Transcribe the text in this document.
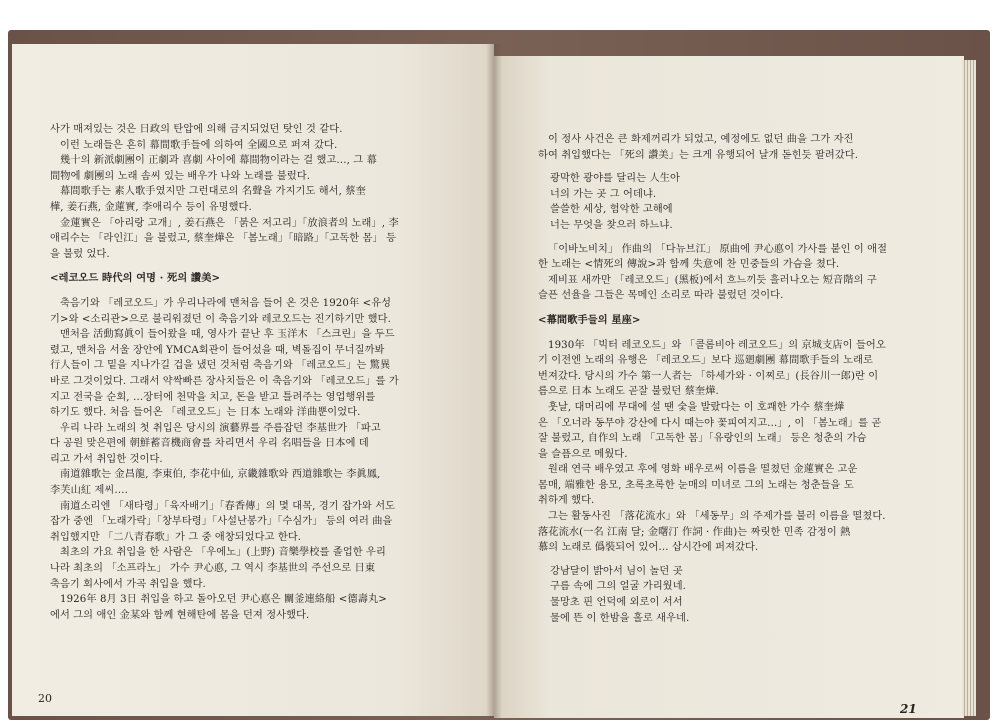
사가 매져있는 것은 日政의 탄압에 의해 금지되었던 탓인 것 같다.
이런 노래들은 흔히 幕間歌手들에 의하여 全國으로 퍼져 갔다.
幾十의 新派劇團이 正劇과 喜劇 사이에 幕間物이라는 걸 했고…, 그 幕
間物에 劇團의 노래 솜씨 있는 배우가 나와 노래를 불렀다.
幕間歌手는 素人歌手였지만 그런대로의 名聲을 가지기도 해서, 蔡奎
樺, 姜石燕, 金蓮實, 李애리수 등이 유명했다.
金蓮實은 「아리랑 고개」, 姜石燕은 「붉은 저고리」「放浪者의 노래」, 李
애리수는 「라인江」을 불렀고, 蔡奎燁은 「봄노래」「暗路」「고독한 몸」 등
을 불렀 었다.
<레코오드 時代의 여명 · 死의 讚美>
축음기와 「레코오드」가 우리나라에 맨처음 들어 온 것은 1920年 <유성
기>와 <소리관>으로 불리워졌던 이 축음기와 레코오드는 진기하기만 했다.
맨처음 活動寫眞이 들어왔을 때, 영사가 끝난 후 玉洋木 「스크린」을 두드
렸고, 맨처음 서울 장안에 YMCA회관이 들어섰을 때, 벽돌집이 무너질까봐
行人들이 그 밑을 지나가길 겁을 냈던 것처럼 축음기와 「레코오드」는 驚異
바로 그것이었다. 그래서 약싹빠른 장사치들은 이 축음기와 「레코오드」를 가
지고 전국을 순회, …장터에 천막을 치고, 돈을 받고 틀려주는 영업행위를
하기도 했다. 처음 들어온 「레코오드」는 日本 노래와 洋曲뿐이었다.
우리 나라 노래의 첫 취입은 당시의 演藝界를 주름잡던 李基世가 「파고
다 공원 맞은편에 朝鮮蓄音機商會를 차리면서 우리 名唱들을 日本에 데
리고 가서 취입한 것이다.
南道雜歌는 金昌龍, 李東伯, 李花中仙, 京畿雜歌와 西道雜歌는 李眞鳳,
李芙山紅 제씨….
南道소리엔 「새타령」「육자배기」「春香傳」의 몇 대목, 경기 잡가와 서도
잡가 중엔 「노래가락」「창부타령」「사설난봉가」「수심가」 등의 여러 曲을
취입했지만 「二八青春歌」가 그 중 애창되었다고 한다.
최초의 가요 취입을 한 사람은 「우에노」(上野) 音樂學校를 졸업한 우리
나라 최초의 「소프라노」 가수 尹心悳, 그 역시 李基世의 주선으로 日東
축음기 회사에서 가곡 취입을 했다.
1926年 8月 3日 취입을 하고 돌아오던 尹心悳은 關釜連絡船 <德壽丸>
에서 그의 애인 金某와 함께 현해탄에 몸을 던져 정사했다.
이 정사 사건은 큰 화제꺼리가 되었고, 예정에도 없던 曲을 그가 자진
하여 취입했다는 「死의 讚美」는 크게 유행되어 날개 돋힌듯 팔려갔다.
광막한 광야를 달리는 人生아
너의 가는 곳 그 어데냐.
쓸쓸한 세상, 험악한 고해에
너는 무엇을 찾으러 하느냐.
「이바노비치」 作曲의 「다뉴브江」 原曲에 尹心悳이 가사를 붙인 이 애절
한 노래는 <情死의 傳說>과 함께 失意에 찬 민중들의 가슴을 쳤다.
제비표 새까만 「레코오드」(黑板)에서 흐느끼듯 흘러나오는 短音階의 구
슬픈 선율을 그들은 목메인 소리로 따라 불렀던 것이다.
<幕間歌手들의 星座>
1930年 「빅터 레코오드」와 「콜롬비아 레코오드」의 京城支店이 들어오
기 이전엔 노래의 유행은 「레코오드」보다 巡廻劇團 幕間歌手들의 노래로
번져갔다. 당시의 가수 第一人者는 「하세가와 · 이찌로」(長谷川一郎)란 이
름으로 日本 노래도 곧잘 불렀던 蔡奎燁.
훗날, 대머리에 무대에 설 땐 숯을 발랐다는 이 호쾌한 가수 蔡奎燁
은 「오너라 동무야 강산에 다시 때는야 꽃피여지고…」, 이 「봄노래」를 곧
잘 불렀고, 自作의 노래 「고독한 몸」「유랑인의 노래」 등은 청춘의 가슴
을 슬픔으로 메웠다.
원래 연극 배우였고 후에 영화 배우로써 이름을 떨쳤던 金蓮實은 고운
몸매, 端雅한 용모, 초록초록한 눈매의 미녀로 그의 노래는 청춘들을 도
취하게 했다.
그는 활동사진 「落花流水」와 「세동무」의 주제가를 불러 이름을 떨쳤다.
落花流水(一名 江南 달; 金曙汀 作詞 · 作曲)는 짜릿한 민족 감정이 熱
慕의 노래로 僞裝되어 있어… 삽시간에 퍼져갔다.
강남달이 밝아서 님이 놀던 곳
구름 속에 그의 얼굴 가리웠네.
물망초 핀 언덕에 외로이 서서
물에 뜬 이 한밤을 홀로 새우네.
20
21
